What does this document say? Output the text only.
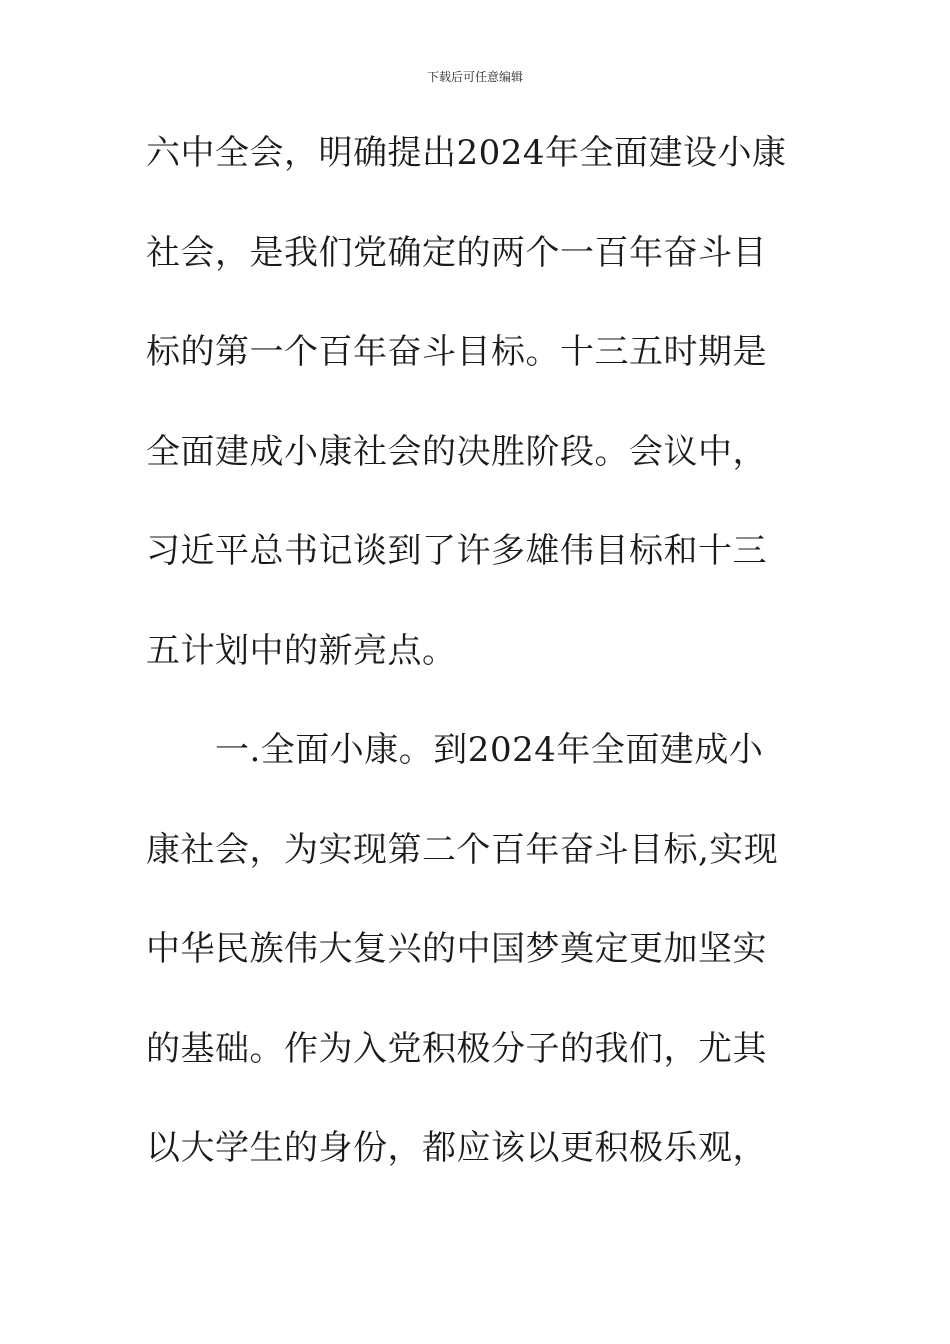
下载后可任意编辑
六中全会，明确提出2024年全面建设小康
社会，是我们党确定的两个一百年奋斗目
标的第一个百年奋斗目标。十三五时期是
全面建成小康社会的决胜阶段。会议中，
习近平总书记谈到了许多雄伟目标和十三
五计划中的新亮点。
　　一.全面小康。到2024年全面建成小
康社会，为实现第二个百年奋斗目标,实现
中华民族伟大复兴的中国梦奠定更加坚实
的基础。作为入党积极分子的我们，尤其
以大学生的身份，都应该以更积极乐观，
